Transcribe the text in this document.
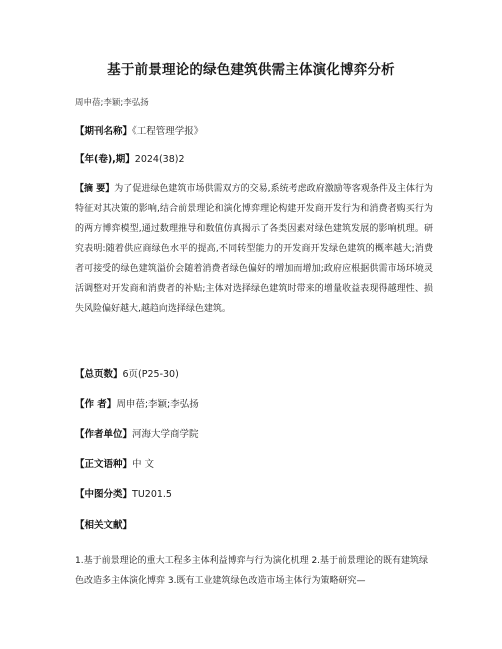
基于前景理论的绿色建筑供需主体演化博弈分析
周申蓓;李颖;李弘扬
【期刊名称】《工程管理学报》
【年(卷),期】2024(38)2
【摘 要】为了促进绿色建筑市场供需双方的交易,系统考虑政府激励等客观条件及主体行为特征对其决策的影响,结合前景理论和演化博弈理论构建开发商开发行为和消费者购买行为的两方博弈模型,通过数理推导和数值仿真揭示了各类因素对绿色建筑发展的影响机理。研究表明:随着供应商绿色水平的提高,不同转型能力的开发商开发绿色建筑的概率越大;消费者可接受的绿色建筑溢价会随着消费者绿色偏好的增加而增加;政府应根据供需市场环境灵活调整对开发商和消费者的补贴;主体对选择绿色建筑时带来的增量收益表现得越理性、损失风险偏好越大,越趋向选择绿色建筑。
【总页数】6页(P25-30)
【作 者】周申蓓;李颖;李弘扬
【作者单位】河海大学商学院
【正文语种】中 文
【中图分类】TU201.5
【相关文献】
1.基于前景理论的重大工程多主体利益博弈与行为演化机理 2.基于前景理论的既有建筑绿色改造多主体演化博弈 3.既有工业建筑绿色改造市场主体行为策略研究—
